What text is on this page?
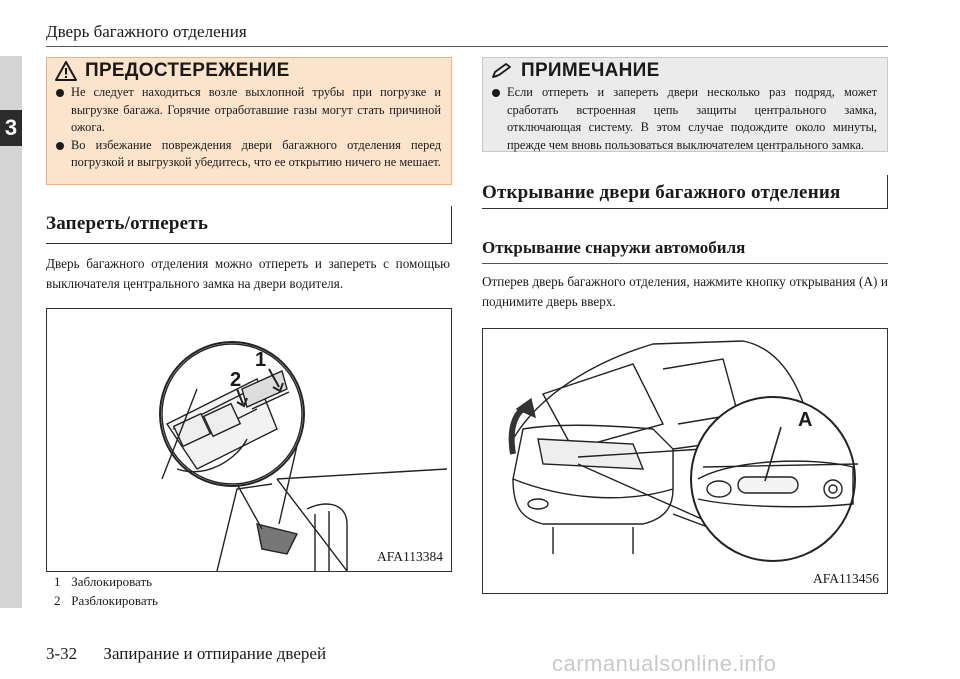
3
Дверь багажного отделения
ПРЕДОСТЕРЕЖЕНИЕ
Не следует находиться возле выхлопной трубы при погрузке и выгрузке багажа. Горячие отработавшие газы могут стать причиной ожога.
Во избежание повреждения двери багажного отделения перед погрузкой и выгрузкой убедитесь, что ее открытию ничего не мешает.
Запереть/отпереть
Дверь багажного отделения можно отпереть и запереть с помощью выключателя центрального замка на двери водителя.
1
2
AFA113384
1 Заблокировать
2 Разблокировать
ПРИМЕЧАНИЕ
Если отпереть и запереть двери несколько раз подряд, может сработать встроенная цепь защиты центрального замка, отключающая систему. В этом случае подождите около минуты, прежде чем вновь пользоваться выключателем центрального замка.
Открывание двери багажного отделения
Открывание снаружи автомобиля
Отперев дверь багажного отделения, нажмите кнопку открывания (А) и поднимите дверь вверх.
A
AFA113456
3-32 Запирание и отпирание дверей	carmanualsonline.info
